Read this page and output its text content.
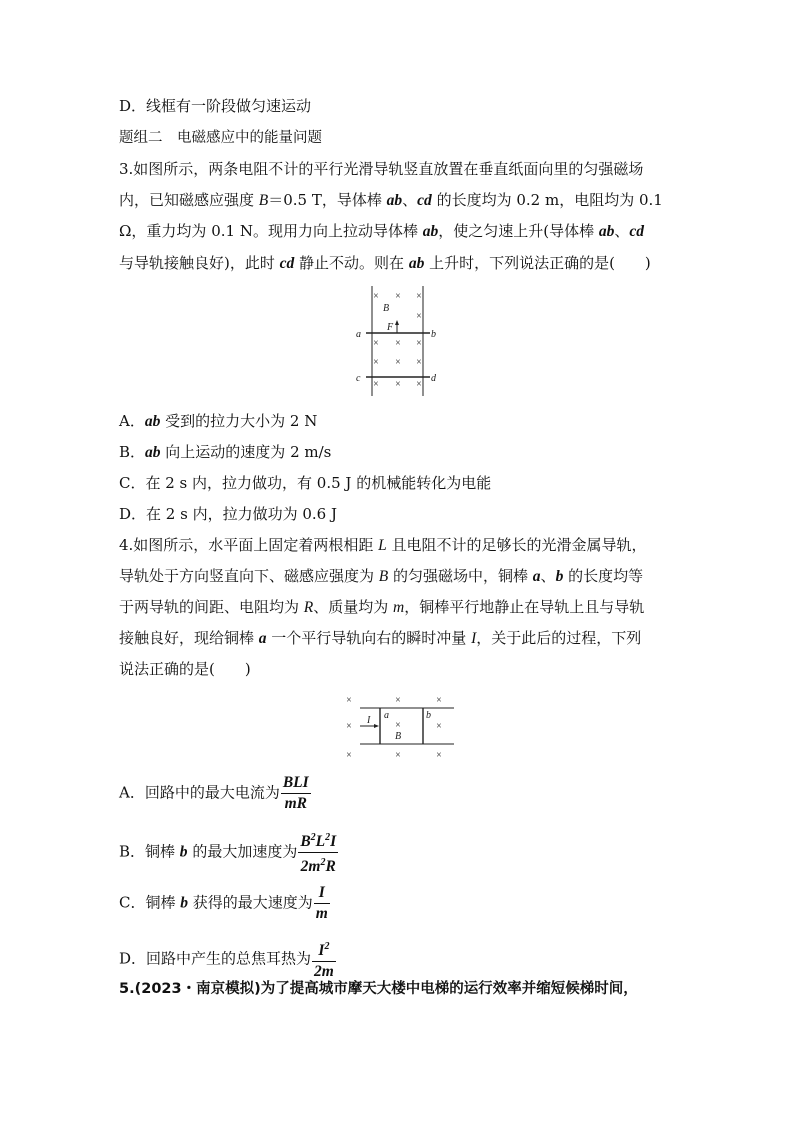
D．线框有一阶段做匀速运动
题组二　电磁感应中的能量问题
3.如图所示，两条电阻不计的平行光滑导轨竖直放置在垂直纸面向里的匀强磁场
内，已知磁感应强度 B＝0.5 T，导体棒 ab、cd 的长度均为 0.2 m，电阻均为 0.1
Ω，重力均为 0.1 N。现用力向上拉动导体棒 ab，使之匀速上升(导体棒 ab、cd
与导轨接触良好)，此时 cd 静止不动。则在 ab 上升时，下列说法正确的是(　　)
× × ×
×
× × ×
× × ×
× × ×
B
F
a	b
c	d
A．ab 受到的拉力大小为 2 N
B．ab 向上运动的速度为 2 m/s
C．在 2 s 内，拉力做功，有 0.5 J 的机械能转化为电能
D．在 2 s 内，拉力做功为 0.6 J
4.如图所示，水平面上固定着两根相距 L 且电阻不计的足够长的光滑金属导轨，
导轨处于方向竖直向下、磁感应强度为 B 的匀强磁场中，铜棒 a、b 的长度均等
于两导轨的间距、电阻均为 R、质量均为 m，铜棒平行地静止在导轨上且与导轨
接触良好，现给铜棒 a 一个平行导轨向右的瞬时冲量 I，关于此后的过程，下列
说法正确的是(　　)
×	×	×
×	×	×
×	×	×
I a	b
B
A．回路中的最大电流为 $\frac{\text{BLI}}{mR}$
B．铜棒 b 的最大加速度为 $\frac{B^2L^2I}{2m^2R}$
C．铜棒 b 获得的最大速度为 $\frac{I}{m}$
D．回路中产生的总焦耳热为 $\frac{I^2}{2m}$
5.(2023・南京模拟)为了提高城市摩天大楼中电梯的运行效率并缩短候梯时间，
